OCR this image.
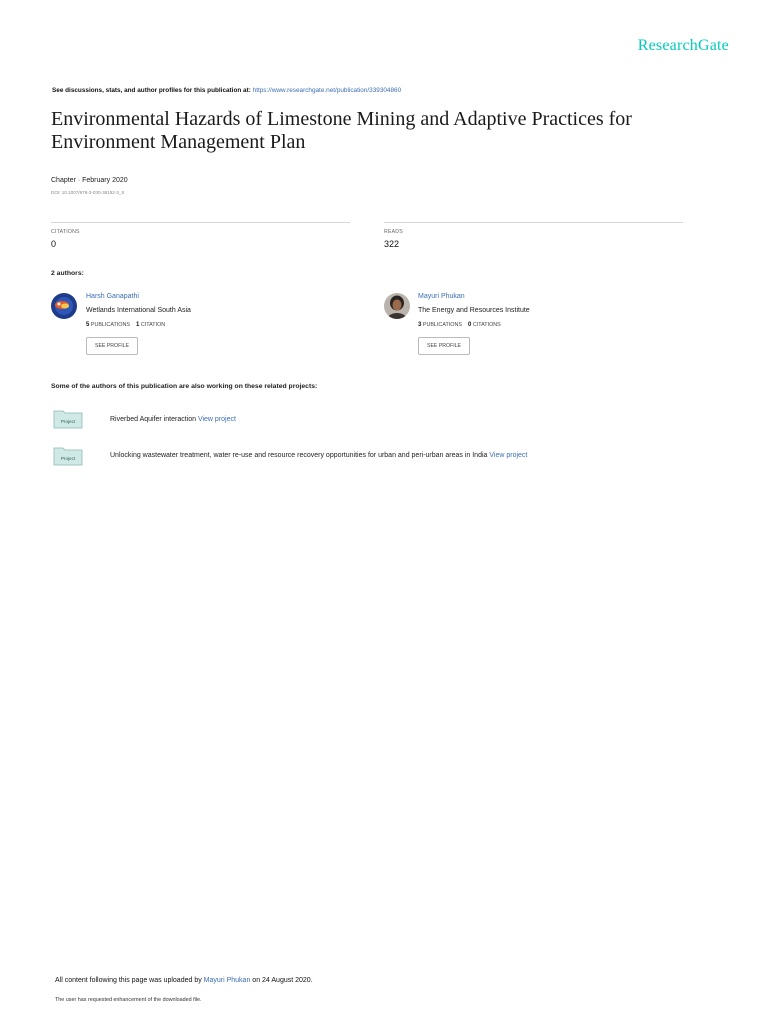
ResearchGate
See discussions, stats, and author profiles for this publication at: https://www.researchgate.net/publication/339304860
Environmental Hazards of Limestone Mining and Adaptive Practices for Environment Management Plan
Chapter · February 2020
DOI: 10.1007/978-3-030-38152-3_8
CITATIONS
0
READS
322
2 authors:
Harsh Ganapathi
Wetlands International South Asia
5 PUBLICATIONS 1 CITATION
SEE PROFILE
Mayuri Phukan
The Energy and Resources Institute
3 PUBLICATIONS 0 CITATIONS
SEE PROFILE
Some of the authors of this publication are also working on these related projects:
Project	Riverbed Aquifer interaction View project
Project	Unlocking wastewater treatment, water re-use and resource recovery opportunities for urban and peri-urban areas in India View project
All content following this page was uploaded by Mayuri Phukan on 24 August 2020.
The user has requested enhancement of the downloaded file.
